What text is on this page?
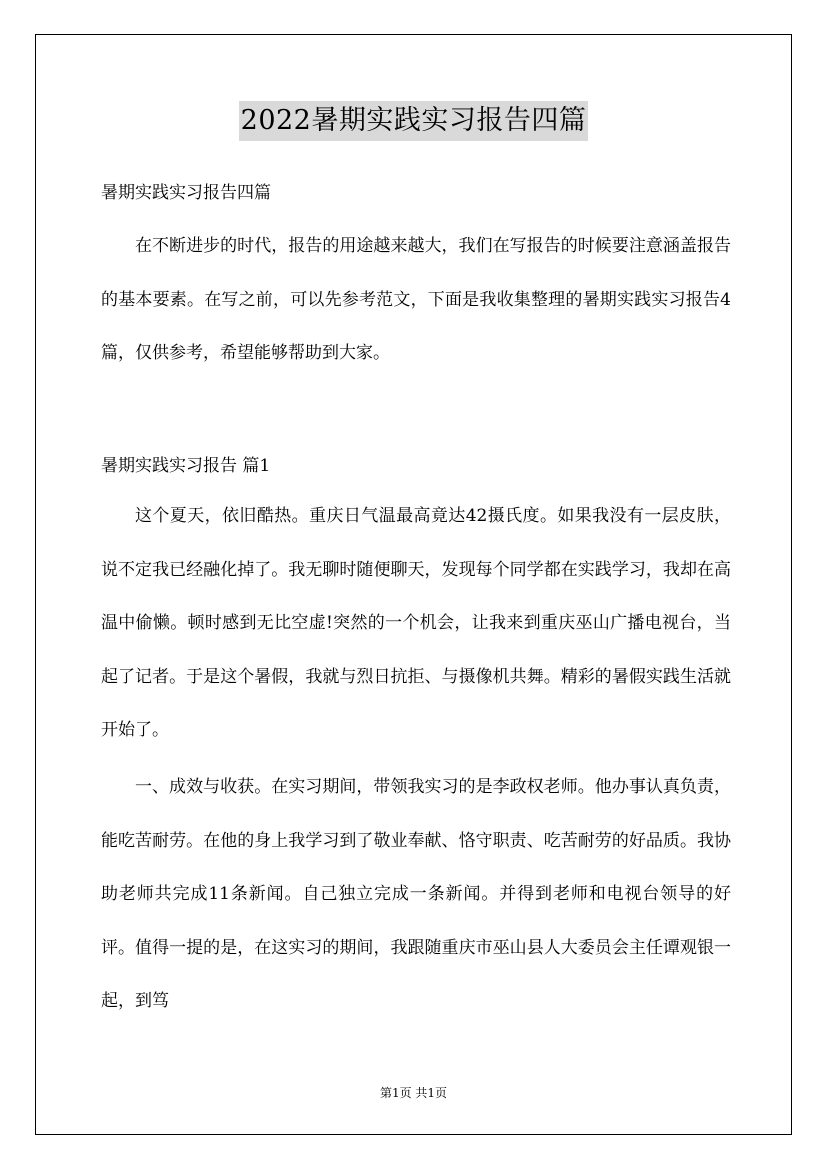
2022暑期实践实习报告四篇
暑期实践实习报告四篇

在不断进步的时代，报告的用途越来越大，我们在写报告的时候要注意涵盖报告的基本要素。在写之前，可以先参考范文，下面是我收集整理的暑期实践实习报告4篇，仅供参考，希望能够帮助到大家。

暑期实践实习报告 篇1

这个夏天，依旧酷热。重庆日气温最高竟达42摄氏度。如果我没有一层皮肤，说不定我已经融化掉了。我无聊时随便聊天，发现每个同学都在实践学习，我却在高温中偷懒。顿时感到无比空虚!突然的一个机会，让我来到重庆巫山广播电视台，当起了记者。于是这个暑假，我就与烈日抗拒、与摄像机共舞。精彩的暑假实践生活就开始了。

一、成效与收获。在实习期间，带领我实习的是李政权老师。他办事认真负责，能吃苦耐劳。在他的身上我学习到了敬业奉献、恪守职责、吃苦耐劳的好品质。我协助老师共完成11条新闻。自己独立完成一条新闻。并得到老师和电视台领导的好评。值得一提的是，在这实习的期间，我跟随重庆市巫山县人大委员会主任谭观银一起，到笃

第1页 共1页
